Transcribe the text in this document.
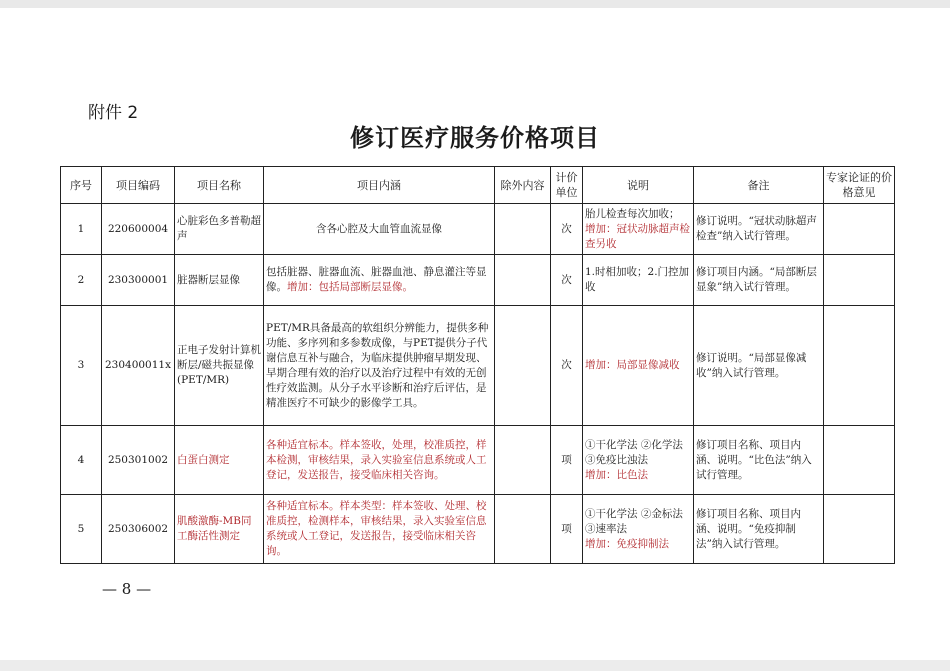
附件 2
修订医疗服务价格项目
序号	项目编码	项目名称	项目内涵	除外内容	计价单位	说明	备注	专家论证的价格意见
1	220600004	心脏彩色多普勒超声	含各心腔及大血管血流显像		次	胎儿检查每次加收；
增加：冠状动脉超声检查另收	修订说明。“冠状动脉超声检查”纳入试行管理。	
2	230300001	脏器断层显像	包括脏器、脏器血流、脏器血池、静息灌注等显像。增加：包括局部断层显像。		次	1.时相加收；2.门控加收	修订项目内涵。“局部断层显象”纳入试行管理。	
3	230400011x	正电子发射计算机断层/磁共振显像(PET/MR)	PET/MR具备最高的软组织分辨能力，提供多种功能、多序列和多参数成像，与PET提供分子代谢信息互补与融合，为临床提供肿瘤早期发现、早期合理有效的治疗以及治疗过程中有效的无创性疗效监测。从分子水平诊断和治疗后评估，是精准医疗不可缺少的影像学工具。		次	增加：局部显像减收	修订说明。“局部显像减收”纳入试行管理。	
4	250301002	白蛋白测定	各种适宜标本。样本签收，处理，校准质控，样本检测，审核结果，录入实验室信息系统或人工登记，发送报告，接受临床相关咨询。		项	①干化学法 ②化学法 ③免疫比浊法
增加：比色法	修订项目名称、项目内涵、说明。“比色法”纳入试行管理。	
5	250306002	肌酸激酶-MB同工酶活性测定	各种适宜标本。样本类型：样本签收、处理、校准质控，检测样本，审核结果，录入实验室信息系统或人工登记，发送报告，接受临床相关咨询。		项	①干化学法 ②金标法 ③速率法
增加：免疫抑制法	修订项目名称、项目内涵、说明。“免疫抑制法”纳入试行管理。	
— 8 —
